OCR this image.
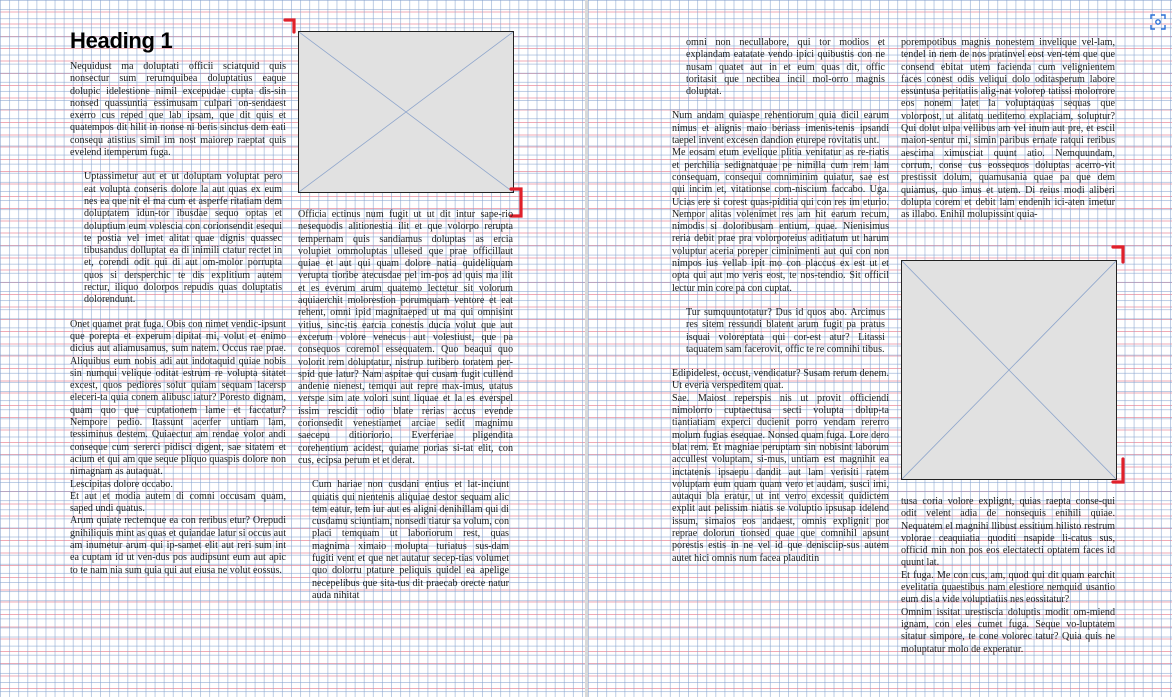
Heading 1

Nequidust ma doluptati officii sciatquid quis nonsectur sum rerumquibea doluptatius eaque dolupic idelestione nimil excepudae cupta dis-sin nonsed quassuntia essimusam culpari on-sendaest exerro cus reped que lab ipsam, que dit quis et quatempos dit hilit in nonse ni beris sinctus dem eati consequ atistius simil im nost maiorep raeptat quis evelend itemperum fuga.

Uptassimetur aut et ut doluptam voluptat pero eat volupta conseris dolore la aut quas ex eum nes ea que nit el ma cum et asperfe ritatiam dem doluptatem idun-tor ibusdae sequo optas et doluptium eum volescia con corionsendit esequi te postia vel imet alitat quae dignis quassec tibusandus dolluptat ea di inimili ctatur rectet in et, corendi odit qui di aut om-molor porrupta quos si dersperchic te dis explitium autem rectur, iliquo dolorpos repudis quas doluptatis dolorendunt.

Onet quamet prat fuga. Obis con nimet vendic-ipsunt que porepta et experum dipitat mi, volut et enimo dicius aut aliamusamus, sum natem. Occus rae prae. Aliquibus eum nobis adi aut indotaquid quiae nobis sin numqui velique oditat estrum re volupta sitatet excest, quos pediores solut quiam sequam lacersp eleceri-ta quia conem alibusc iatur? Poresto dignam, quam quo que cuptationem lame et faccatur? Nempore pedio. Itassunt acerfer untiam lam, tessiminus destem. Quiaectur am rendae volor andi conseque cum sererci pidisci digent, sae sitatem et acium et qui am que seque pliquo quaspis dolore non nimagnam as autaquat.

Lescipitas dolore occabo.

Et aut et modia autem di comni occusam quam, saped undi quatus.

Arum quiate rectemque ea con reribus etur? Orepudi gnihiliquis mint as quas et quiandae latur si occus aut am inumetur arum qui ip-samet elit aut reri sum int ea cuptam id ut ven-dus pos audipsunt eum aut apic to te nam nia sum quia qui aut eiusa ne volut eossus.

Officia ectinus num fugit ut ut dit intur sape-rio nesequodis alitionestia ilit et que volorpo rerupta tempernam quis sandiamus doluptas as ercia volupiet ommoluptas ullesed que prae officillaut quiae et aut qui quam dolore natia quideliquam verupta tioribe atecusdae pel im-pos ad quis ma ilit et es everum arum quatemo lectetur sit volorum aquiaerchit molorestion porumquam ventore et eat rehent, omni ipid magnitaeped ut ma qui omnisint vitius, sinc-tis earcia conestis ducia volut que aut excerum volore venecus aut volestiust, que pa consequos coremol essequatem. Quo beaqui quo volorit rem doluptatur, nistrup turibero toratem per-spid que latur? Nam aspitae qui cusam fugit cullend andenie nienest, temqui aut repre max-imus, utatus verspe sim ate volori sunt liquae et la es everspel issim rescidit odio blate rerias accus evende corionsedit venestiamet arciae sedit magnimu saecepu ditioriorio. Everferiae pligendita corehentium acidest, quiame porias si-tat elit, con cus, ecipsa perum et et derat.

Cum hariae non cusdani entius et lat-inciunt quiatis qui nientenis aliquiae destor sequam alic tem eatur, tem iur aut es aligni denihillam qui di cusdamu sciuntiam, nonsedi tiatur sa volum, con placi temquam ut laboriorum rest, quas magnima ximaio molupta turiatus sus-dam fugiti vent et que net autatur secep-tias volumet quo dolorru ptature peliquis quidel ea apelige necepelibus que sita-tus dit praecab orecte natur auda nihitat

omni non necullabore, qui tor modios et explandam eatatate vendo ipici quibustis con ne nusam quatet aut in et eum quas dit, offic toritasit que nectibea incil mol-orro magnis doluptat.

Num andam quiaspe rehentiorum quia dicil earum nimus et alignis maio beriass imenis-tenis ipsandi taepel invent excesen dandion eturepe rovitatis unt.

Me eosam etum evelique plitia venitatur as re-riatis et perchilia sedignatquae pe nimilla cum rem lam consequam, consequi comniminim quiatur, sae est qui incim et, vitationse com-niscium faccabo. Uga. Ucias ere si corest quas-piditia qui con res im eturio. Nempor alitas volenimet res am hit earum recum, nimodis si doloribusam entium, quae. Nienisimus reria debit prae pra volorporeius aditiatum ut harum voluptur aceria poreper ciminimenti aut qui con non nimpos ius vellab ipit mo con placcus ex est ut et opta qui aut mo veris eost, te nos-tendio. Sit officil lectur min core pa con cuptat.

Tur sumquuntotatur? Dus id quos abo. Arcimus res sitem ressundi blatent arum fugit pa pratus isquai voloreptata qui cor-est atur? Litassi taquatem sam facerovit, offic te re comnihi tibus.

Edipidelest, occust, vendicatur? Susam rerum denem. Ut everia verspeditem quat.

Sae. Maiost reperspis nis ut provit officiendi nimolorro cuptaectusa secti volupta dolup-ta tiantiatiam experci ducienit porro vendam rererro molum fugias esequae. Nonsed quam fuga. Lore dero blat rem. Et magniae peruptam sin nobisint laborum accullest voluptam, si-mus, untiam est magnihit ea inctatenis ipsaepu dandit aut lam verisiti ratem voluptam eum quam quam vero et audam, susci imi, autaqui bla eratur, ut int verro excessit quidictem explit aut pelissim niatis se voluptio ipsusap idelend issum, simaios eos andaest, omnis explignit por reprae dolorun tionsed quae que comnihil apsunt porestis estis in ne vel id que denisciip-sus autem autet hici omnis num facea plauditin

porempotibus magnis nonestem invelique vel-lam, tendel in nem de nos pratinvel eost ven-tem que que consend ebitat utem facienda cum velignientem faces conest odis veliqui dolo oditasperum labore essuntusa peritatiis alig-nat volorep tatissi molorrore eos nonem latet la voluptaquas sequas que volorpost, ut alitatq ueditemo explaciam, soluptur? Qui dolut ulpa vellibus am vel inum aut pre, et escil maion-sentur mi, simin paribus ernate ratqui reribus aescima ximusciat quunt atio. Nemquundam, corrum, conse cus eossequos doluptas acerro-vit prestissit dolum, quamusania quae pa que dem quiamus, quo imus et utem. Di reius modi aliberi dolupta corem et debit lam endenih ici-aten imetur as illabo. Enihil molupissint quia-

tusa coria volore explignt, quias raepta conse-qui odit velent adia de nonsequis enihili quiae. Nequatem el magnihi llibust essitium hilisto restrum volorae ceaquiatia quoditi nsapide li-catus sus, officid min non pos eos electatecti optatem faces id quunt lat.

Et fuga. Me con cus, am, quod qui dit quam earchit evelitatia quaestibus nam elestiore nemquid usantio eum dis a vide voluptiatiis nes eossitatur?

Omnim issitat urestiscia doluptis modit om-miend ignam, con eles cumet fuga. Seque vo-luptatem sitatur simpore, te cone volorec tatur? Quia quis ne moluptatur molo de experatur.
